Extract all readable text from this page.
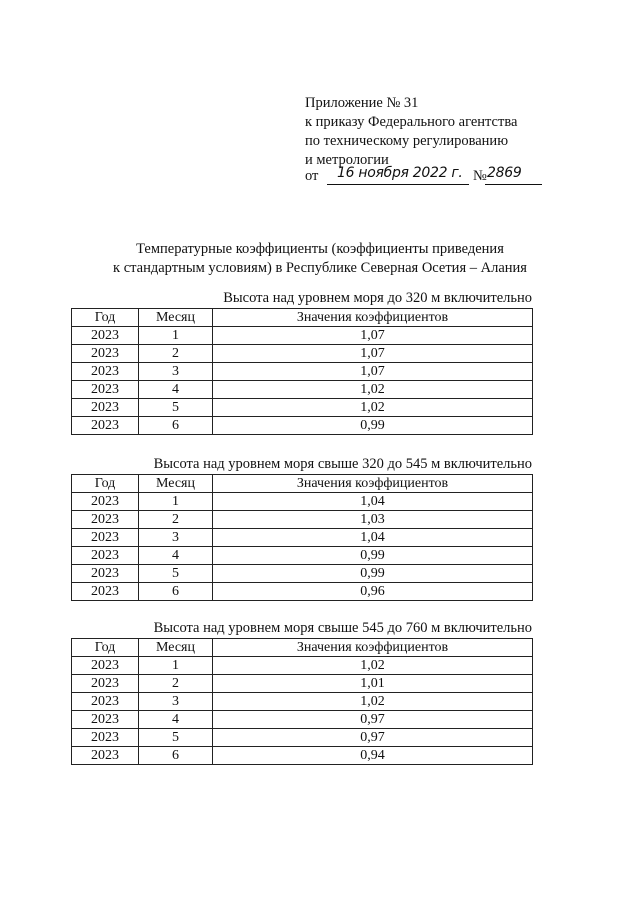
Приложение № 31
к приказу Федерального агентства
по техническому регулированию
и метрологии
от 16 ноября 2022 г. № 2869
Температурные коэффициенты (коэффициенты приведения
к стандартным условиям) в Республике Северная Осетия – Алания
Высота над уровнем моря до 320 м включительно
Год	Месяц	Значения коэффициентов
2023	1	1,07
2023	2	1,07
2023	3	1,07
2023	4	1,02
2023	5	1,02
2023	6	0,99
Высота над уровнем моря свыше 320 до 545 м включительно
Год	Месяц	Значения коэффициентов
2023	1	1,04
2023	2	1,03
2023	3	1,04
2023	4	0,99
2023	5	0,99
2023	6	0,96
Высота над уровнем моря свыше 545 до 760 м включительно
Год	Месяц	Значения коэффициентов
2023	1	1,02
2023	2	1,01
2023	3	1,02
2023	4	0,97
2023	5	0,97
2023	6	0,94
